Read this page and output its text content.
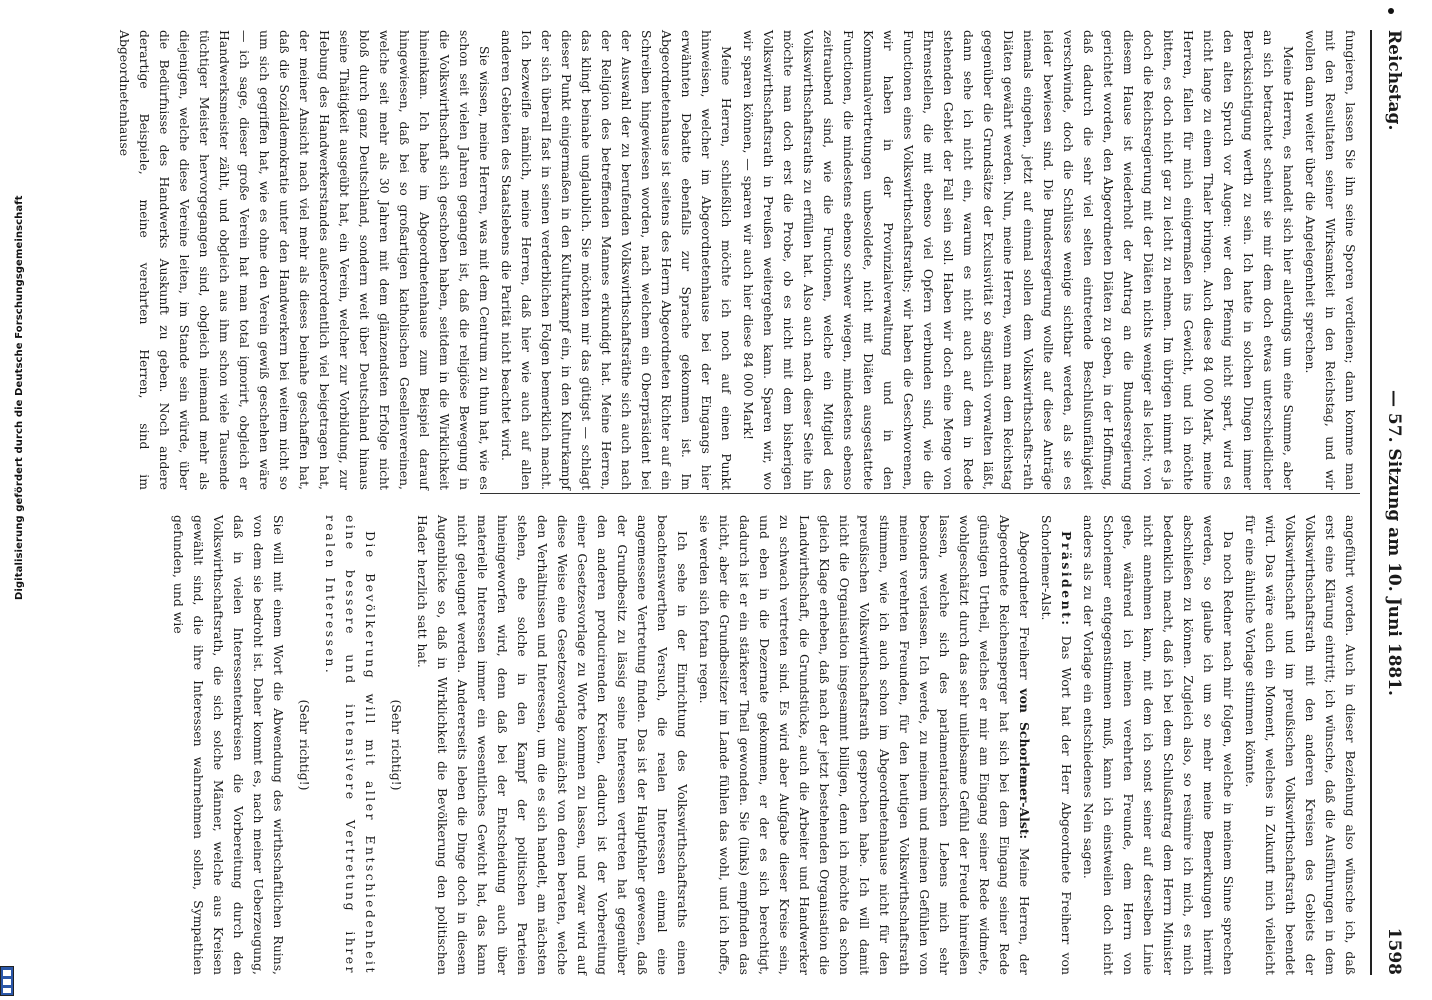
Digitalisierung gefördert durch die Deutsche Forschungsgemeinschaft
Reichstag.
— 57. Sitzung am 10. Juni 1881.
1598

fungieren, lassen Sie ihn seine Sporen verdienen; dann komme man mit den Resultaten seiner Wirksamkeit in den Reichstag, und wir wollen dann weiter über die Angelegenheit sprechen.

Meine Herren, es handelt sich hier allerdings um eine Summe, aber an sich betrachtet scheint sie mir dem doch etwas unterschiedlicher Berücksichtigung werth zu sein. Ich hatte in solchen Dingen immer den alten Spruch vor Augen: wer den Pfennig nicht spart, wird es nicht lange zu einem Thaler bringen. Auch diese 84 000 Mark, meine Herren, fallen für mich einigermaßen ins Gewicht, und ich möchte bitten, es doch nicht gar zu leicht zu nehmen. Im übrigen nimmt es ja doch die Reichsregierung mit der Diäten nichts weniger als leicht; von diesem Hause ist wiederholt der Antrag an die Bundesregierung gerichtet worden, den Abgeordneten Diäten zu geben, in der Hoffnung, daß dadurch die sehr viel selten eintretende Beschlußunfähigkeit verschwinde, doch die Schlüsse wenige sichtbar werden, als sie es leider bewiesen sind. Die Bundesregierung wollte auf diese Anträge niemals eingehen, jetzt auf einmal sollen dem Volkswirthschafts-rath Diäten gewährt werden. Nun, meine Herren, wenn man dem Reichstag gegenüber die Grundsätze der Exclusivität so ängstlich vorwalten läßt, dann sehe ich nicht ein, warum es nicht auch auf dem in Rede stehenden Gebiet der Fall sein soll. Haben wir doch eine Menge von Ehrenstellen, die mit ebenso viel Opfern verbunden sind, wie die Functionen eines Volkswirthschaftsraths; wir haben die Geschworenen, wir haben in der Provinzialverwaltung und in den Kommunalvertretungen unbesoldete, nicht mit Diäten ausgestattete Functionen, die mindestens ebenso schwer wiegen, mindestens ebenso zeitraubend sind, wie die Functionen, welche ein Mitglied des Volkswirthschaftsraths zu erfüllen hat. Also auch nach dieser Seite hin möchte man doch erst die Probe, ob es nicht mit dem bisherigen Volkswirthschaftsrath in Preußen weitergehen kann. Sparen wir, wo wir sparen können, — sparen wir auch hier diese 84 000 Mark!

Meine Herren, schließlich möchte ich noch auf einen Punkt hinweisen, welcher im Abgeordnetenhause bei der Eingangs hier erwähnten Debatte ebenfalls zur Sprache gekommen ist. Im Abgeordnetenhause ist seitens des Herrn Abgeordneten Richter auf ein Schreiben hingewiesen worden, nach welchem ein Oberpräsident bei der Auswahl der zu berufenden Volkswirthschaftsräthe sich auch nach der Religion des betreffenden Mannes erkundigt hat. Meine Herren, das klingt beinahe unglaublich. Sie möchten mir das gütigst — schlagt dieser Punkt einigermaßen in den Kulturkampf ein, in den Kulturkampf der sich überall fast in seinen verderblichen Folgen bemerklich macht. Ich bezweifle nämlich, meine Herren, daß hier wie auch auf allen anderen Gebieten des Staatslebens die Parität nicht beachtet wird.

Sie wissen, meine Herren, was mit dem Centrum zu thun hat, wie es schon seit vielen Jahren gegangen ist, daß die religiöse Bewegung in die Volkswirthschaft sich geschoben haben, seitdem in die Wirklichkeit hineinkam. Ich habe im Abgeordnetenhause zum Beispiel darauf hingewiesen, daß bei so großartigen katholischen Gesellenvereinen, welche seit mehr als 30 Jahren mit dem glänzendsten Erfolge nicht bloß durch ganz Deutschland, sondern weit über Deutschland hinaus seine Thätigkeit ausgeübt hat, ein Verein, welcher zur Vorbildung, zur Hebung des Handwerkerstandes außerordentlich viel beigetragen hat, der meiner Ansicht nach viel mehr als dieses beinahe geschaffen hat, daß die Sozialdemokratie unter den Handwerkern bei weitem nicht so um sich gegriffen hat, wie es ohne den Verein gewiß geschehen wäre — ich sage, dieser große Verein hat man total ignorirt, obgleich er Handwerksmeister zählt, und obgleich aus ihm schon viele Tausende tüchtiger Meister hervorgegangen sind, obgleich niemand mehr als diejenigen, welche diese Vereine leiten, im Stande sein würde, über die Bedürfnisse des Handwerks Auskunft zu geben. Noch andere derartige Beispiele, meine verehrten Herren, sind im Abgeordnetenhause

angeführt worden. Auch in dieser Beziehung also wünsche ich, daß erst eine Klärung eintritt; ich wünsche, daß die Ausführungen in dem Volkswirthschaftsrath mit den anderen Kreisen des Gebiets der Volkswirthschaft und im preußischen Volkswirthschaftsrath beendet wird. Das wäre auch ein Moment, welches in Zukunft mich vielleicht für eine ähnliche Vorlage stimmen könnte.

Da noch Redner nach mir folgen, welche in meinem Sinne sprechen werden, so glaube ich um so mehr meine Bemerkungen hiermit abschließen zu können. Zugleich also, so resümire ich mich, es mich bedenklich macht, daß ich bei dem Schlußantrag dem Herrn Minister nicht annehmen kann, mit dem ich sonst seiner auf derselben Linie gehe, während ich meinen verehrten Freunde, dem Herrn von Schorlemer entgegenstimmen muß, kann ich einstweilen doch nicht anders als zu der Vorlage ein entschiedenes Nein sagen.

Präsident: Das Wort hat der Herr Abgeordnete Freiherr von Schorlemer-Alst.

Abgeordneter Freiherr von Schorlemer-Alst: Meine Herren, der Abgeordnete Reichensperger hat sich bei dem Eingang seiner Rede günstigen Urtheil, welches er mir am Eingang seiner Rede widmete, wohlgeschätzt durch das sehr unliebsame Gefühl der Freude hinreißen lassen, welche sich des parlamentarischen Lebens mich sehr besonders verlassen. Ich werde, zu meinem und meinen Gefühlen von meinen verehrten Freunden, für den heutigen Volkswirthschaftsrath stimmen, wie ich auch schon im Abgeordnetenhause nicht für den preußischen Volkswirthschaftsrath gesprochen habe. Ich will damit nicht die Organisation insgesammt billigen, denn ich möchte da schon gleich Klage erheben, daß nach der jetzt bestehenden Organisation die Landwirthschaft, die Grundstücke, auch die Arbeiter und Handwerker zu schwach vertreten sind. Es wird aber Aufgabe dieser Kreise sein, und eben in die Dezernate gekommen, er der es sich berechtigt, dadurch ist er ein stärkerer Theil gewonden. Sie (links) empfinden das nicht, aber die Grundbesitzer im Lande fühlen das wohl, und ich hoffe, sie werden sich fortan regen.

Ich sehe in der Einrichtung des Volkswirthschaftsraths einen beachtenswerthen Versuch, die realen Interessen einmal eine angemessene Vertretung finden. Das ist der Hauptfehler gewesen, daß der Grundbesitz zu lässig seine Interessen vertreten hat gegenüber den anderen producirenden Kreisen, dadurch ist der Vorbereitung einer Gesetzesvorlage zu Worte kommen zu lassen, und zwar wird auf diese Weise eine Gesetzesvorlage zunächst von denen beraten, welche den Verhältnissen und Interessen, um die es sich handelt, am nächsten stehen, ehe solche in den Kampf der politischen Parteien hineingeworfen wird, denn daß bei der Entscheidung auch über materielle Interessen immer ein wesentliches Gewicht hat, das kann nicht geleugnet werden. Andererseits leben die Dinge doch in diesem Augenblicke so, daß in Wirklichkeit die Bevölkerung den politischen Hader herzlich satt hat.

(Sehr richtig!)

Die Bevölkerung will mit aller Entschiedenheit eine bessere und intensivere Vertretung ihrer realen Interessen.

(Sehr richtig!)

Sie will mit einem Wort die Abwendung des wirthschaftlichen Ruins, von dem sie bedroht ist. Daher kommt es, nach meiner Ueberzeugung, daß in vielen Interessentenkreisen die Vorbereitung durch den Volkswirthschaftsrath, die sich solche Männer, welche aus Kreisen gewählt sind, die ihre Interessen wahrnehmen sollen, Sympathien gefunden, und wie
